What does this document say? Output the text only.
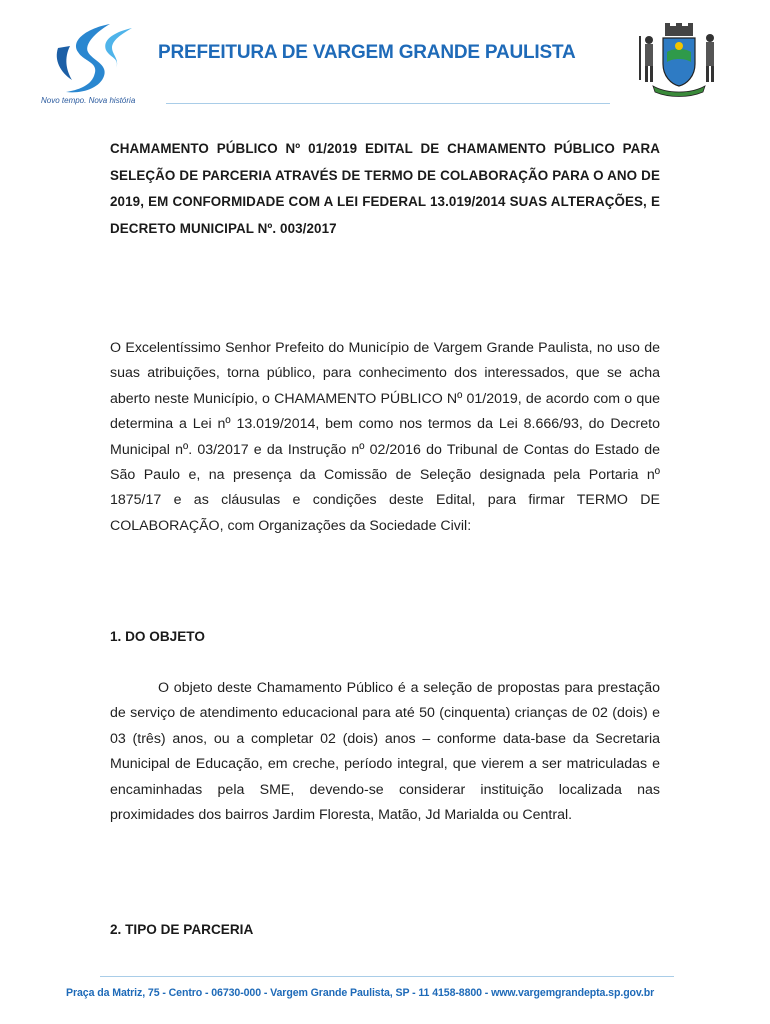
Novo tempo. Nova história
PREFEITURA DE VARGEM GRANDE PAULISTA
CHAMAMENTO PÚBLICO Nº 01/2019 EDITAL DE CHAMAMENTO PÚBLICO PARA SELEÇÃO DE PARCERIA ATRAVÉS DE TERMO DE COLABORAÇÃO PARA O ANO DE 2019, EM CONFORMIDADE COM A LEI FEDERAL 13.019/2014 SUAS ALTERAÇÕES, E DECRETO MUNICIPAL Nº. 003/2017
O Excelentíssimo Senhor Prefeito do Município de Vargem Grande Paulista, no uso de suas atribuições, torna público, para conhecimento dos interessados, que se acha aberto neste Município, o CHAMAMENTO PÚBLICO Nº 01/2019, de acordo com o que determina a Lei nº 13.019/2014, bem como nos termos da Lei 8.666/93, do Decreto Municipal nº. 03/2017 e da Instrução nº 02/2016 do Tribunal de Contas do Estado de São Paulo e, na presença da Comissão de Seleção designada pela Portaria nº 1875/17 e as cláusulas e condições deste Edital, para firmar TERMO DE COLABORAÇÃO, com Organizações da Sociedade Civil:
1. DO OBJETO
O objeto deste Chamamento Público é a seleção de propostas para prestação de serviço de atendimento educacional para até 50 (cinquenta) crianças de 02 (dois) e 03 (três) anos, ou a completar 02 (dois) anos – conforme data-base da Secretaria Municipal de Educação, em creche, período integral, que vierem a ser matriculadas e encaminhadas pela SME, devendo-se considerar instituição localizada nas proximidades dos bairros Jardim Floresta, Matão, Jd Marialda ou Central.
2. TIPO DE PARCERIA
Praça da Matriz, 75 - Centro - 06730-000 - Vargem Grande Paulista, SP - 11 4158-8800 - www.vargemgrandepta.sp.gov.br
